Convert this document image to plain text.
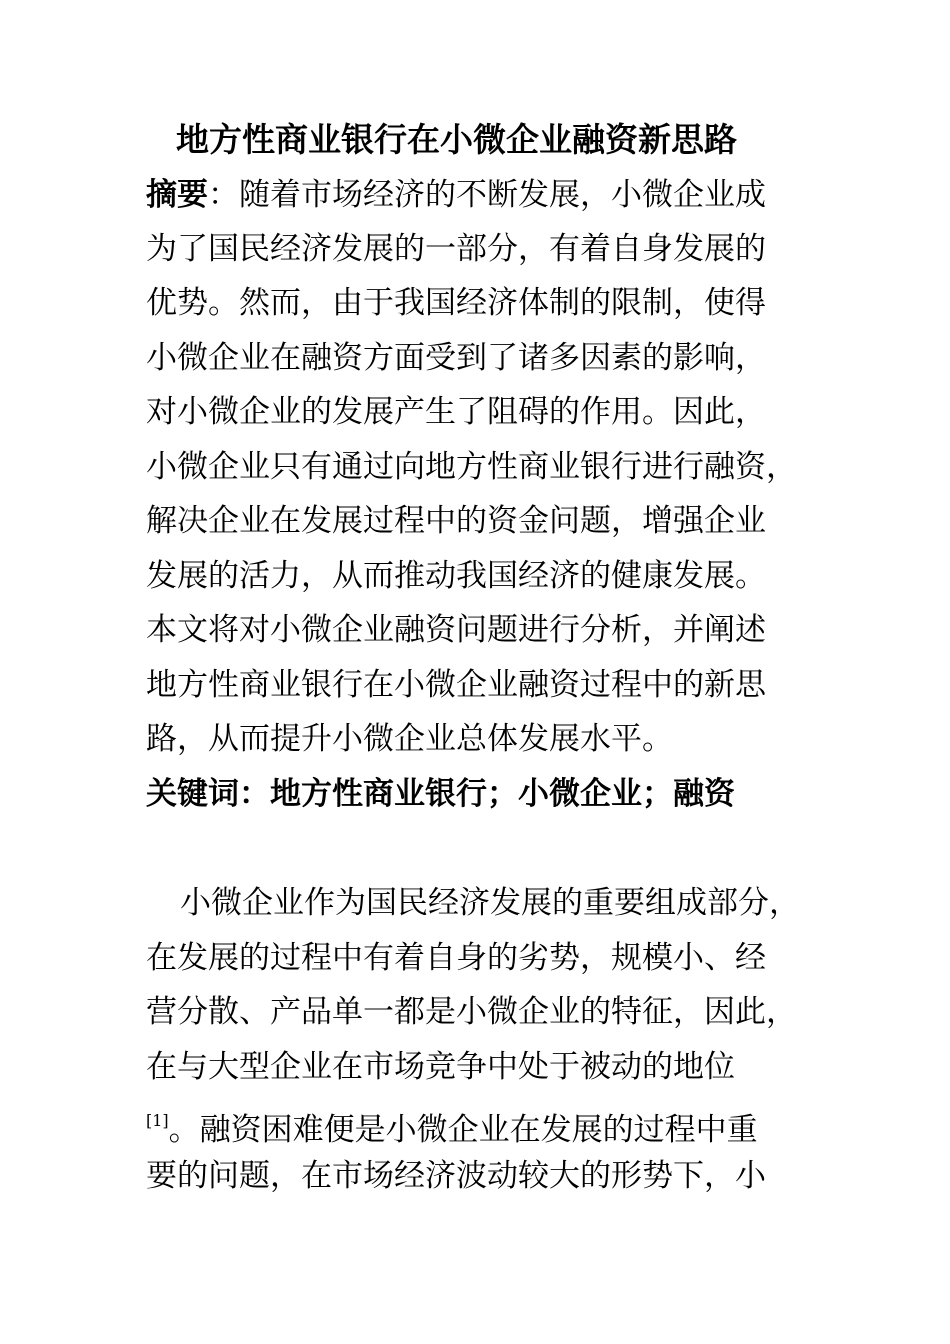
地方性商业银行在小微企业融资新思路
摘要：随着市场经济的不断发展，小微企业成
为了国民经济发展的一部分，有着自身发展的
优势。然而，由于我国经济体制的限制，使得
小微企业在融资方面受到了诸多因素的影响，
对小微企业的发展产生了阻碍的作用。因此，
小微企业只有通过向地方性商业银行进行融资，
解决企业在发展过程中的资金问题，增强企业
发展的活力，从而推动我国经济的健康发展。
本文将对小微企业融资问题进行分析，并阐述
地方性商业银行在小微企业融资过程中的新思
路，从而提升小微企业总体发展水平。
关键词：地方性商业银行；小微企业；融资
小微企业作为国民经济发展的重要组成部分，
在发展的过程中有着自身的劣势，规模小、经
营分散、产品单一都是小微企业的特征，因此，
在与大型企业在市场竞争中处于被动的地位
[1]。融资困难便是小微企业在发展的过程中重
要的问题，在市场经济波动较大的形势下，小
